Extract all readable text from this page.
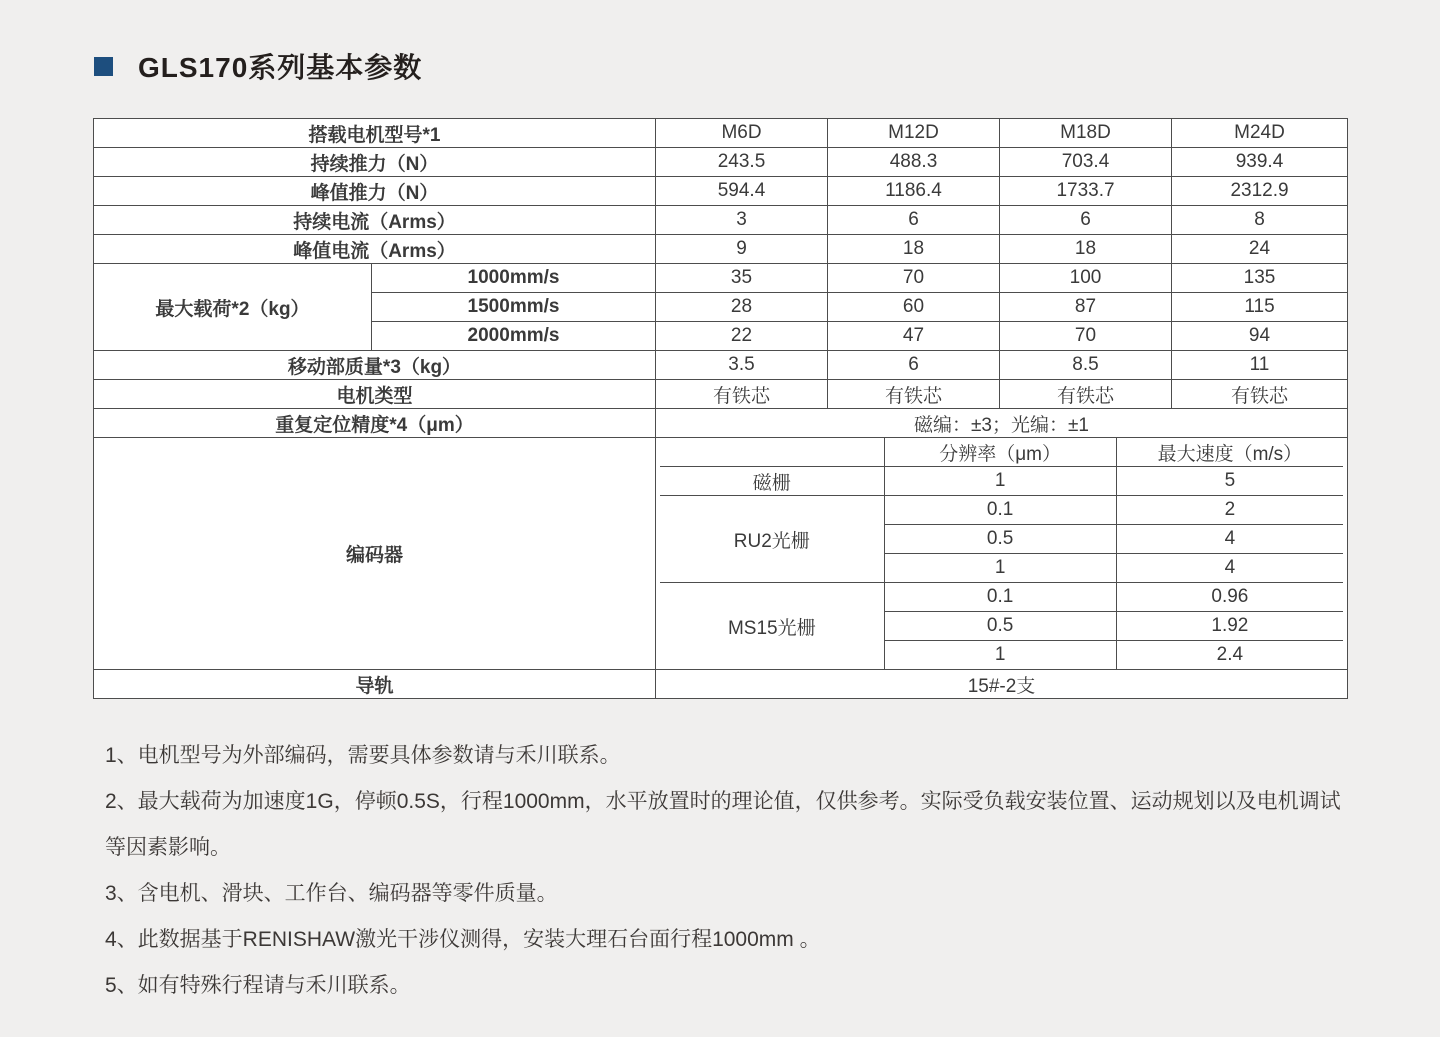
GLS170系列基本参数
搭载电机型号*1	M6D	M12D	M18D	M24D
持续推力（N）	243.5	488.3	703.4	939.4
峰值推力（N）	594.4	1186.4	1733.7	2312.9
持续电流（Arms）	3	6	6	8
峰值电流（Arms）	9	18	18	24
最大载荷*2（kg）	1000mm/s	35	70	100	135
1500mm/s	28	60	87	115
2000mm/s	22	47	70	94
移动部质量*3（kg）	3.5	6	8.5	11
电机类型	有铁芯	有铁芯	有铁芯	有铁芯
重复定位精度*4（μm）	磁编：±3；光编：±1
编码器	
	分辨率（μm）	最大速度（m/s）
磁栅	1	5
RU2光栅	0.1	2
0.5	4
1	4
MS15光栅	0.1	0.96
0.5	1.92
1	2.4

导轨	15#-2支

1、电机型号为外部编码，需要具体参数请与禾川联系。

2、最大载荷为加速度1G，停顿0.5S，行程1000mm，水平放置时的理论值，仅供参考。实际受负载安装位置、运动规划以及电机调试等因素影响。

3、含电机、滑块、工作台、编码器等零件质量。

4、此数据基于RENISHAW激光干涉仪测得，安装大理石台面行程1000mm 。

5、如有特殊行程请与禾川联系。
